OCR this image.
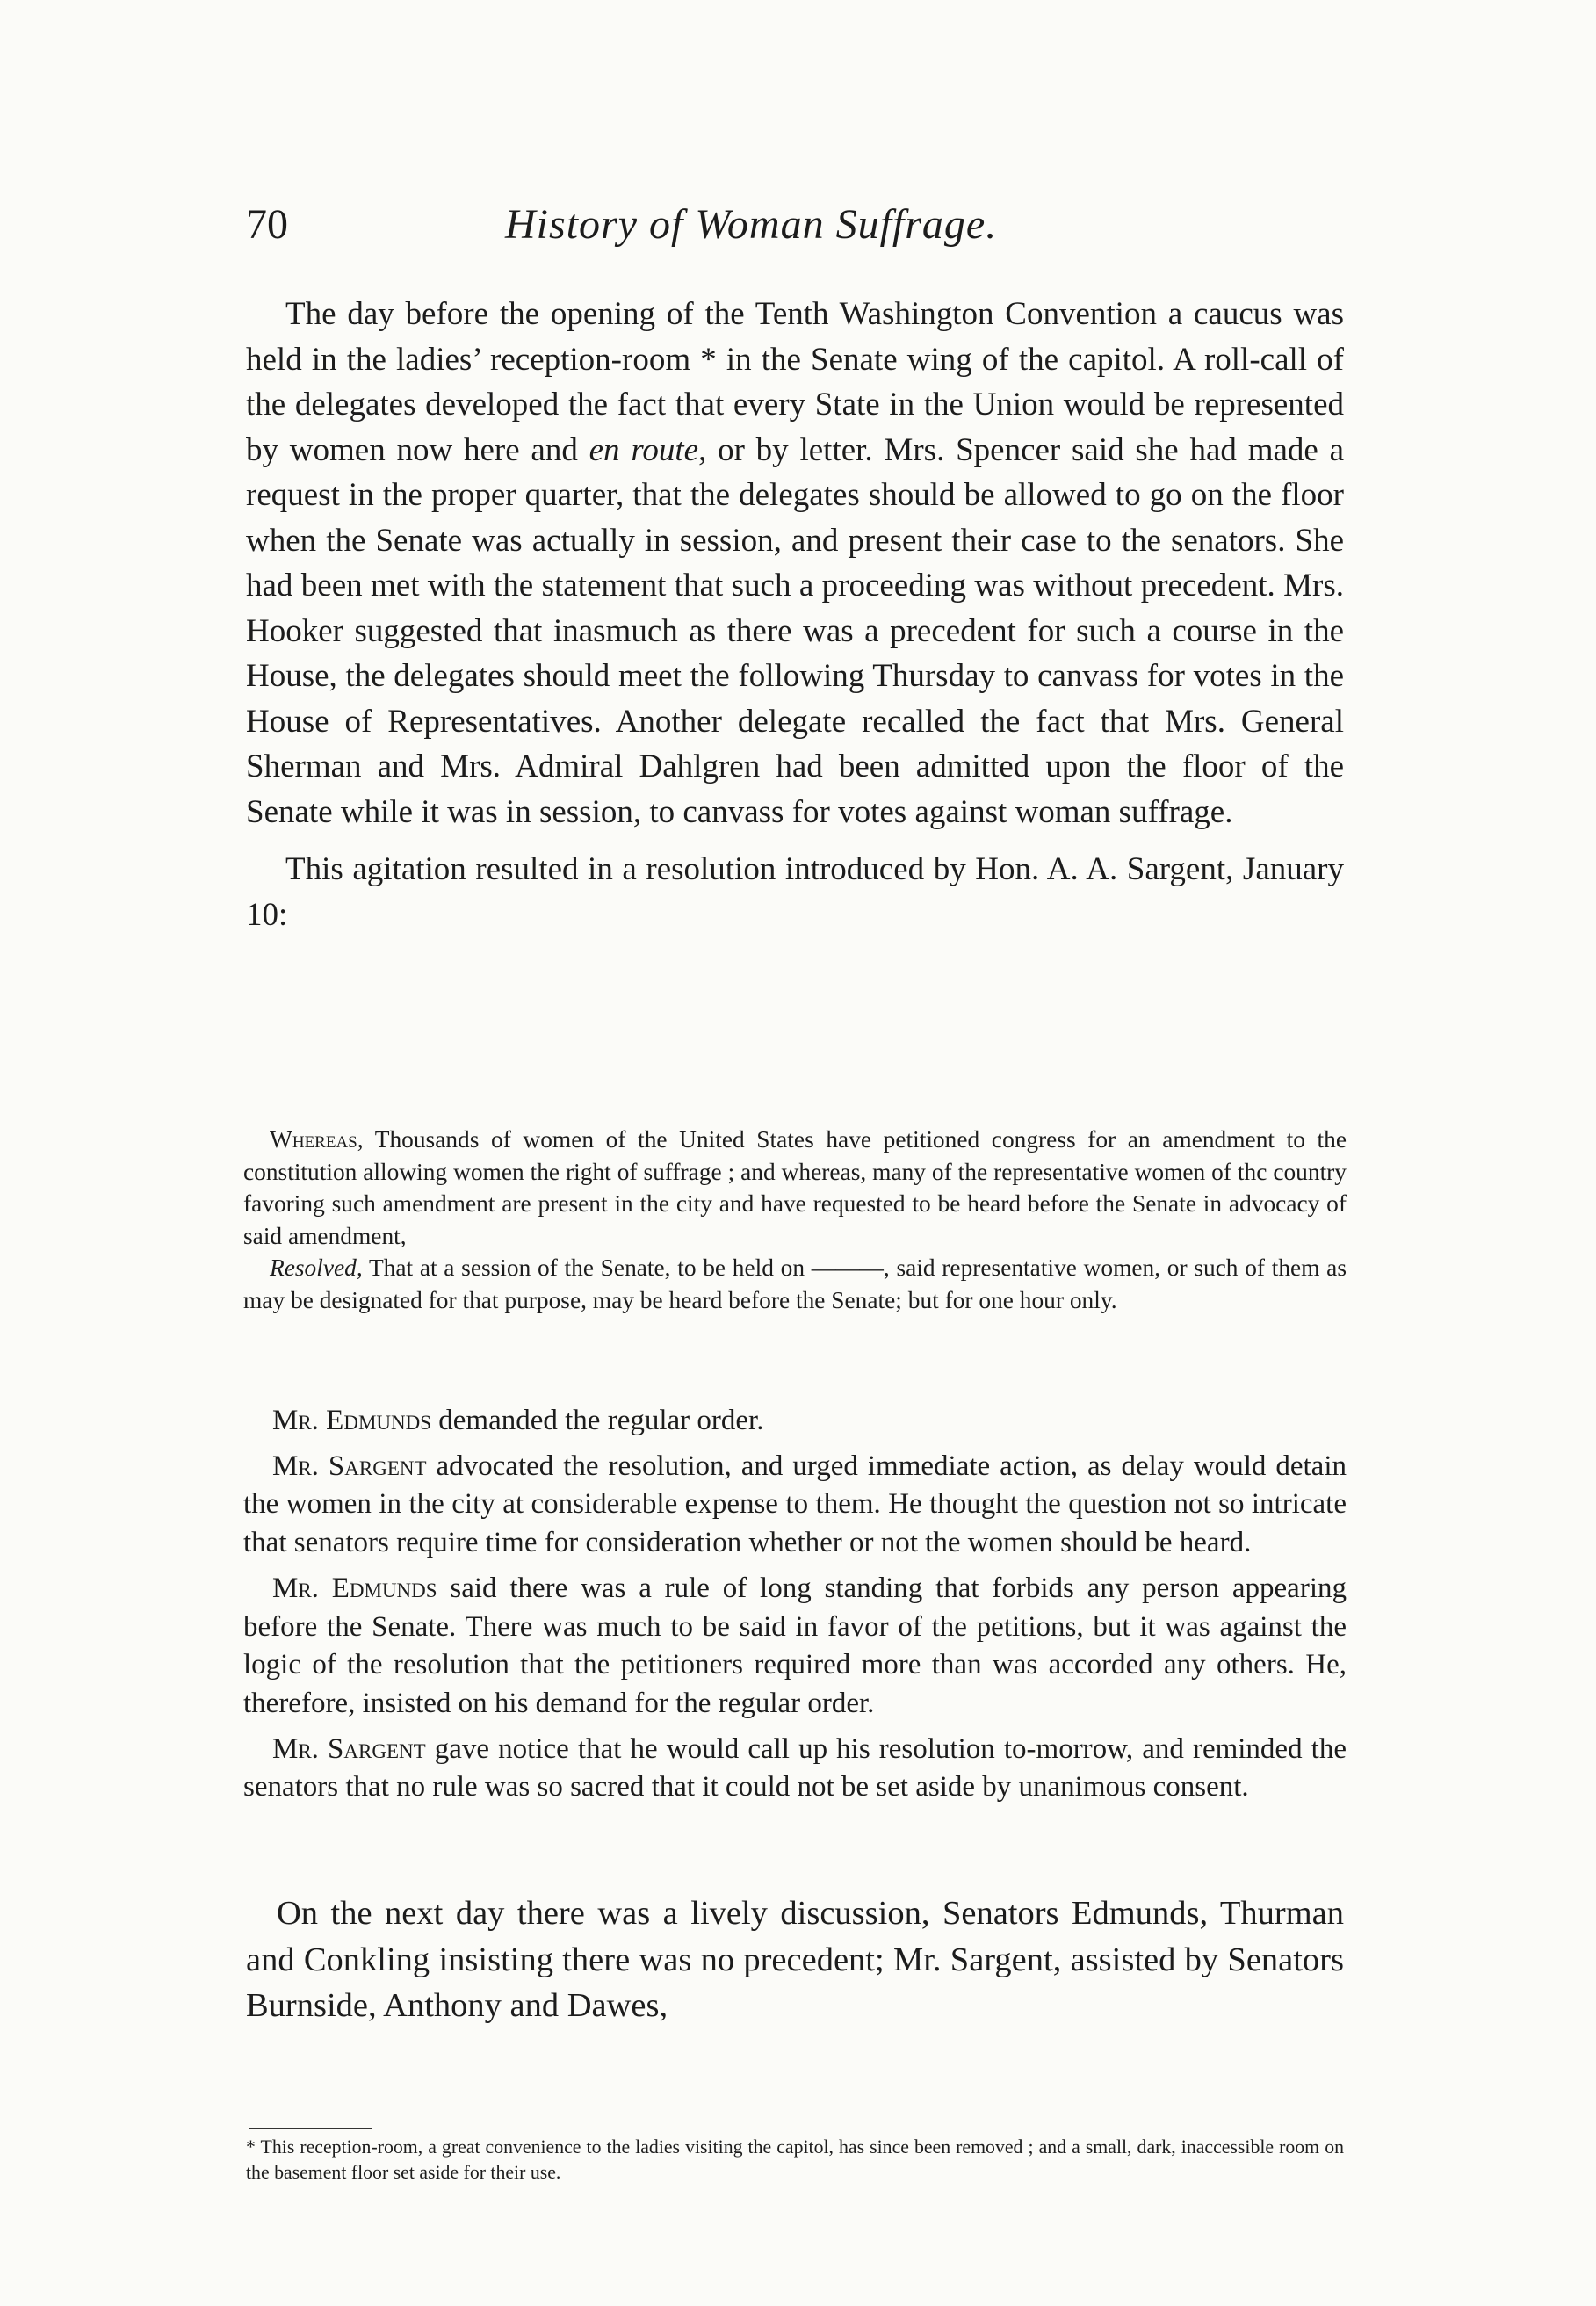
70	History of Woman Suffrage.

The day before the opening of the Tenth Washington Convention a caucus was held in the ladies’ reception-room * in the Senate wing of the capitol. A roll-call of the delegates developed the fact that every State in the Union would be represented by women now here and en route, or by letter. Mrs. Spencer said she had made a request in the proper quarter, that the delegates should be allowed to go on the floor when the Senate was actually in session, and present their case to the senators. She had been met with the statement that such a proceeding was without precedent. Mrs. Hooker suggested that inasmuch as there was a precedent for such a course in the House, the delegates should meet the following Thursday to canvass for votes in the House of Representatives. Another delegate recalled the fact that Mrs. General Sherman and Mrs. Admiral Dahlgren had been admitted upon the floor of the Senate while it was in session, to canvass for votes against woman suffrage.

This agitation resulted in a resolution introduced by Hon. A. A. Sargent, January 10:

Whereas, Thousands of women of the United States have petitioned congress for an amendment to the constitution allowing women the right of suffrage ; and whereas, many of the representative women of thc country favoring such amendment are present in the city and have requested to be heard before the Senate in advocacy of said amendment,

Resolved, That at a session of the Senate, to be held on ———, said representative women, or such of them as may be designated for that purpose, may be heard before the Senate; but for one hour only.

Mr. Edmunds demanded the regular order.

Mr. Sargent advocated the resolution, and urged immediate action, as delay would detain the women in the city at considerable expense to them. He thought the question not so intricate that senators require time for consideration whether or not the women should be heard.

Mr. Edmunds said there was a rule of long standing that forbids any person appearing before the Senate. There was much to be said in favor of the petitions, but it was against the logic of the resolution that the petitioners required more than was accorded any others. He, therefore, insisted on his demand for the regular order.

Mr. Sargent gave notice that he would call up his resolution to-morrow, and reminded the senators that no rule was so sacred that it could not be set aside by unanimous consent.

On the next day there was a lively discussion, Senators Edmunds, Thurman and Conkling insisting there was no precedent; Mr. Sargent, assisted by Senators Burnside, Anthony and Dawes,

* This reception-room, a great convenience to the ladies visiting the capitol, has since been removed ; and a small, dark, inaccessible room on the basement floor set aside for their use.
